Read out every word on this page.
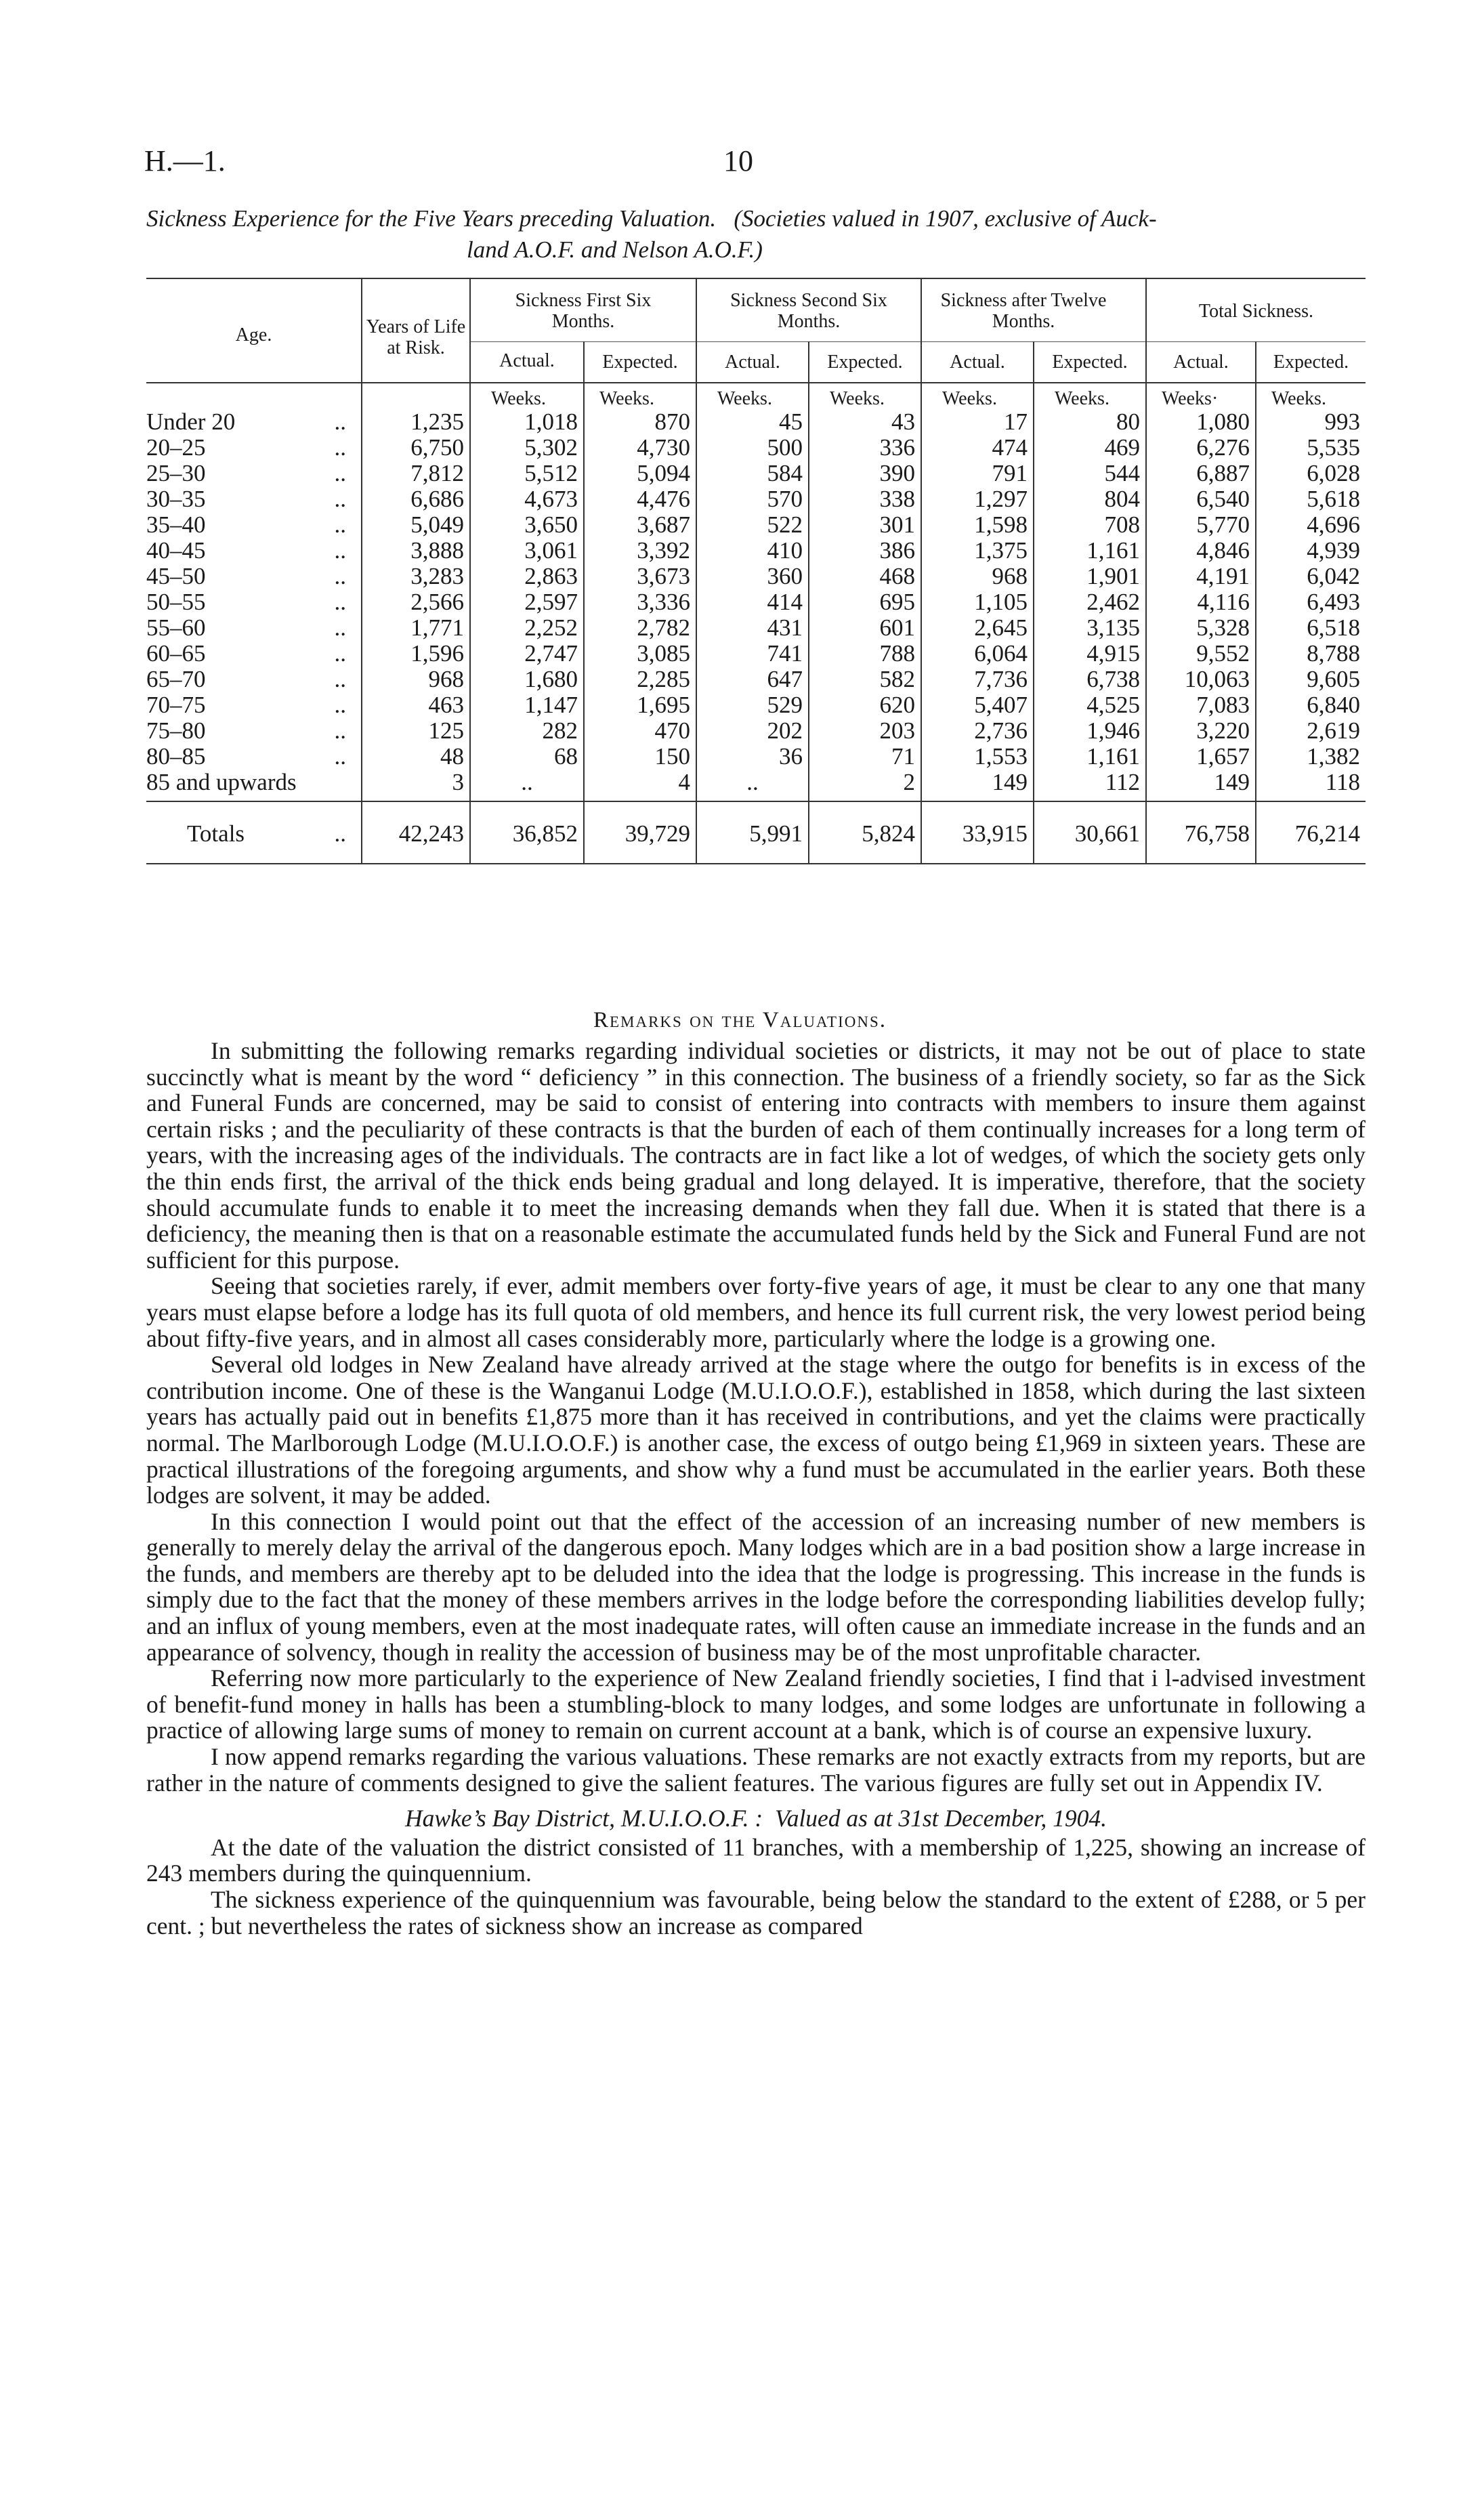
H.—1.	10
Sickness Experience for the Five Years preceding Valuation. (Societies valued in 1907, exclusive of Auck-
land A.O.F. and Nelson A.O.F.)
Age.	Years of Life at Risk.	Sickness First Six Months.		Sickness Second Six Months.		Sickness after Twelve Months.		Total Sickness.	
		Actual.	Expected.	Actual.	Expected.	Actual.	Expected.	Actual.	Expected.
		Weeks.	Weeks.	Weeks.	Weeks.	Weeks.	Weeks.	Weeks·	Weeks.
Under 20 ..	1,235	1,018	870	45	43	17	80	1,080	993
20–25 ..	6,750	5,302	4,730	500	336	474	469	6,276	5,535
25–30 ..	7,812	5,512	5,094	584	390	791	544	6,887	6,028
30–35 ..	6,686	4,673	4,476	570	338	1,297	804	6,540	5,618
35–40 ..	5,049	3,650	3,687	522	301	1,598	708	5,770	4,696
40–45 ..	3,888	3,061	3,392	410	386	1,375	1,161	4,846	4,939
45–50 ..	3,283	2,863	3,673	360	468	968	1,901	4,191	6,042
50–55 ..	2,566	2,597	3,336	414	695	1,105	2,462	4,116	6,493
55–60 ..	1,771	2,252	2,782	431	601	2,645	3,135	5,328	6,518
60–65 ..	1,596	2,747	3,085	741	788	6,064	4,915	9,552	8,788
65–70 ..	968	1,680	2,285	647	582	7,736	6,738	10,063	9,605
70–75 ..	463	1,147	1,695	529	620	5,407	4,525	7,083	6,840
75–80 ..	125	282	470	202	203	2,736	1,946	3,220	2,619
80–85 ..	48	68	150	36	71	1,553	1,161	1,657	1,382
85 and upwards	3	..	4	..	2	149	112	149	118

Totals ..	42,243	36,852	39,729	5,991	5,824	33,915	30,661	76,758	76,214
Remarks on the Valuations.

In submitting the following remarks regarding individual societies or districts, it may not be out of place to state succinctly what is meant by the word “ deficiency ” in this connection. The business of a friendly society, so far as the Sick and Funeral Funds are concerned, may be said to consist of entering into contracts with members to insure them against certain risks ; and the peculiarity of these contracts is that the burden of each of them continually increases for a long term of years, with the increasing ages of the individuals. The contracts are in fact like a lot of wedges, of which the society gets only the thin ends first, the arrival of the thick ends being gradual and long delayed. It is imperative, therefore, that the society should accumulate funds to enable it to meet the increasing demands when they fall due. When it is stated that there is a deficiency, the meaning then is that on a reasonable estimate the accumulated funds held by the Sick and Funeral Fund are not sufficient for this purpose.

Seeing that societies rarely, if ever, admit members over forty-five years of age, it must be clear to any one that many years must elapse before a lodge has its full quota of old members, and hence its full current risk, the very lowest period being about fifty-five years, and in almost all cases considerably more, particularly where the lodge is a growing one.

Several old lodges in New Zealand have already arrived at the stage where the outgo for benefits is in excess of the contribution income. One of these is the Wanganui Lodge (M.U.I.O.O.F.), established in 1858, which during the last sixteen years has actually paid out in benefits £1,875 more than it has received in contributions, and yet the claims were practically normal. The Marlborough Lodge (M.U.I.O.O.F.) is another case, the excess of outgo being £1,969 in sixteen years. These are practical illustrations of the foregoing arguments, and show why a fund must be accumulated in the earlier years. Both these lodges are solvent, it may be added.

In this connection I would point out that the effect of the accession of an increasing number of new members is generally to merely delay the arrival of the dangerous epoch. Many lodges which are in a bad position show a large increase in the funds, and members are thereby apt to be deluded into the idea that the lodge is progressing. This increase in the funds is simply due to the fact that the money of these members arrives in the lodge before the corresponding liabilities develop fully; and an influx of young members, even at the most inadequate rates, will often cause an immediate increase in the funds and an appearance of solvency, though in reality the accession of business may be of the most unprofitable character.

Referring now more particularly to the experience of New Zealand friendly societies, I find that i l-advised investment of benefit-fund money in halls has been a stumbling-block to many lodges, and some lodges are unfortunate in following a practice of allowing large sums of money to remain on current account at a bank, which is of course an expensive luxury.

I now append remarks regarding the various valuations. These remarks are not exactly extracts from my reports, but are rather in the nature of comments designed to give the salient features. The various figures are fully set out in Appendix IV.

Hawke’s Bay District, M.U.I.O.O.F. : Valued as at 31st December, 1904.

At the date of the valuation the district consisted of 11 branches, with a membership of 1,225, showing an increase of 243 members during the quinquennium.

The sickness experience of the quinquennium was favourable, being below the standard to the extent of £288, or 5 per cent. ; but nevertheless the rates of sickness show an increase as compared
